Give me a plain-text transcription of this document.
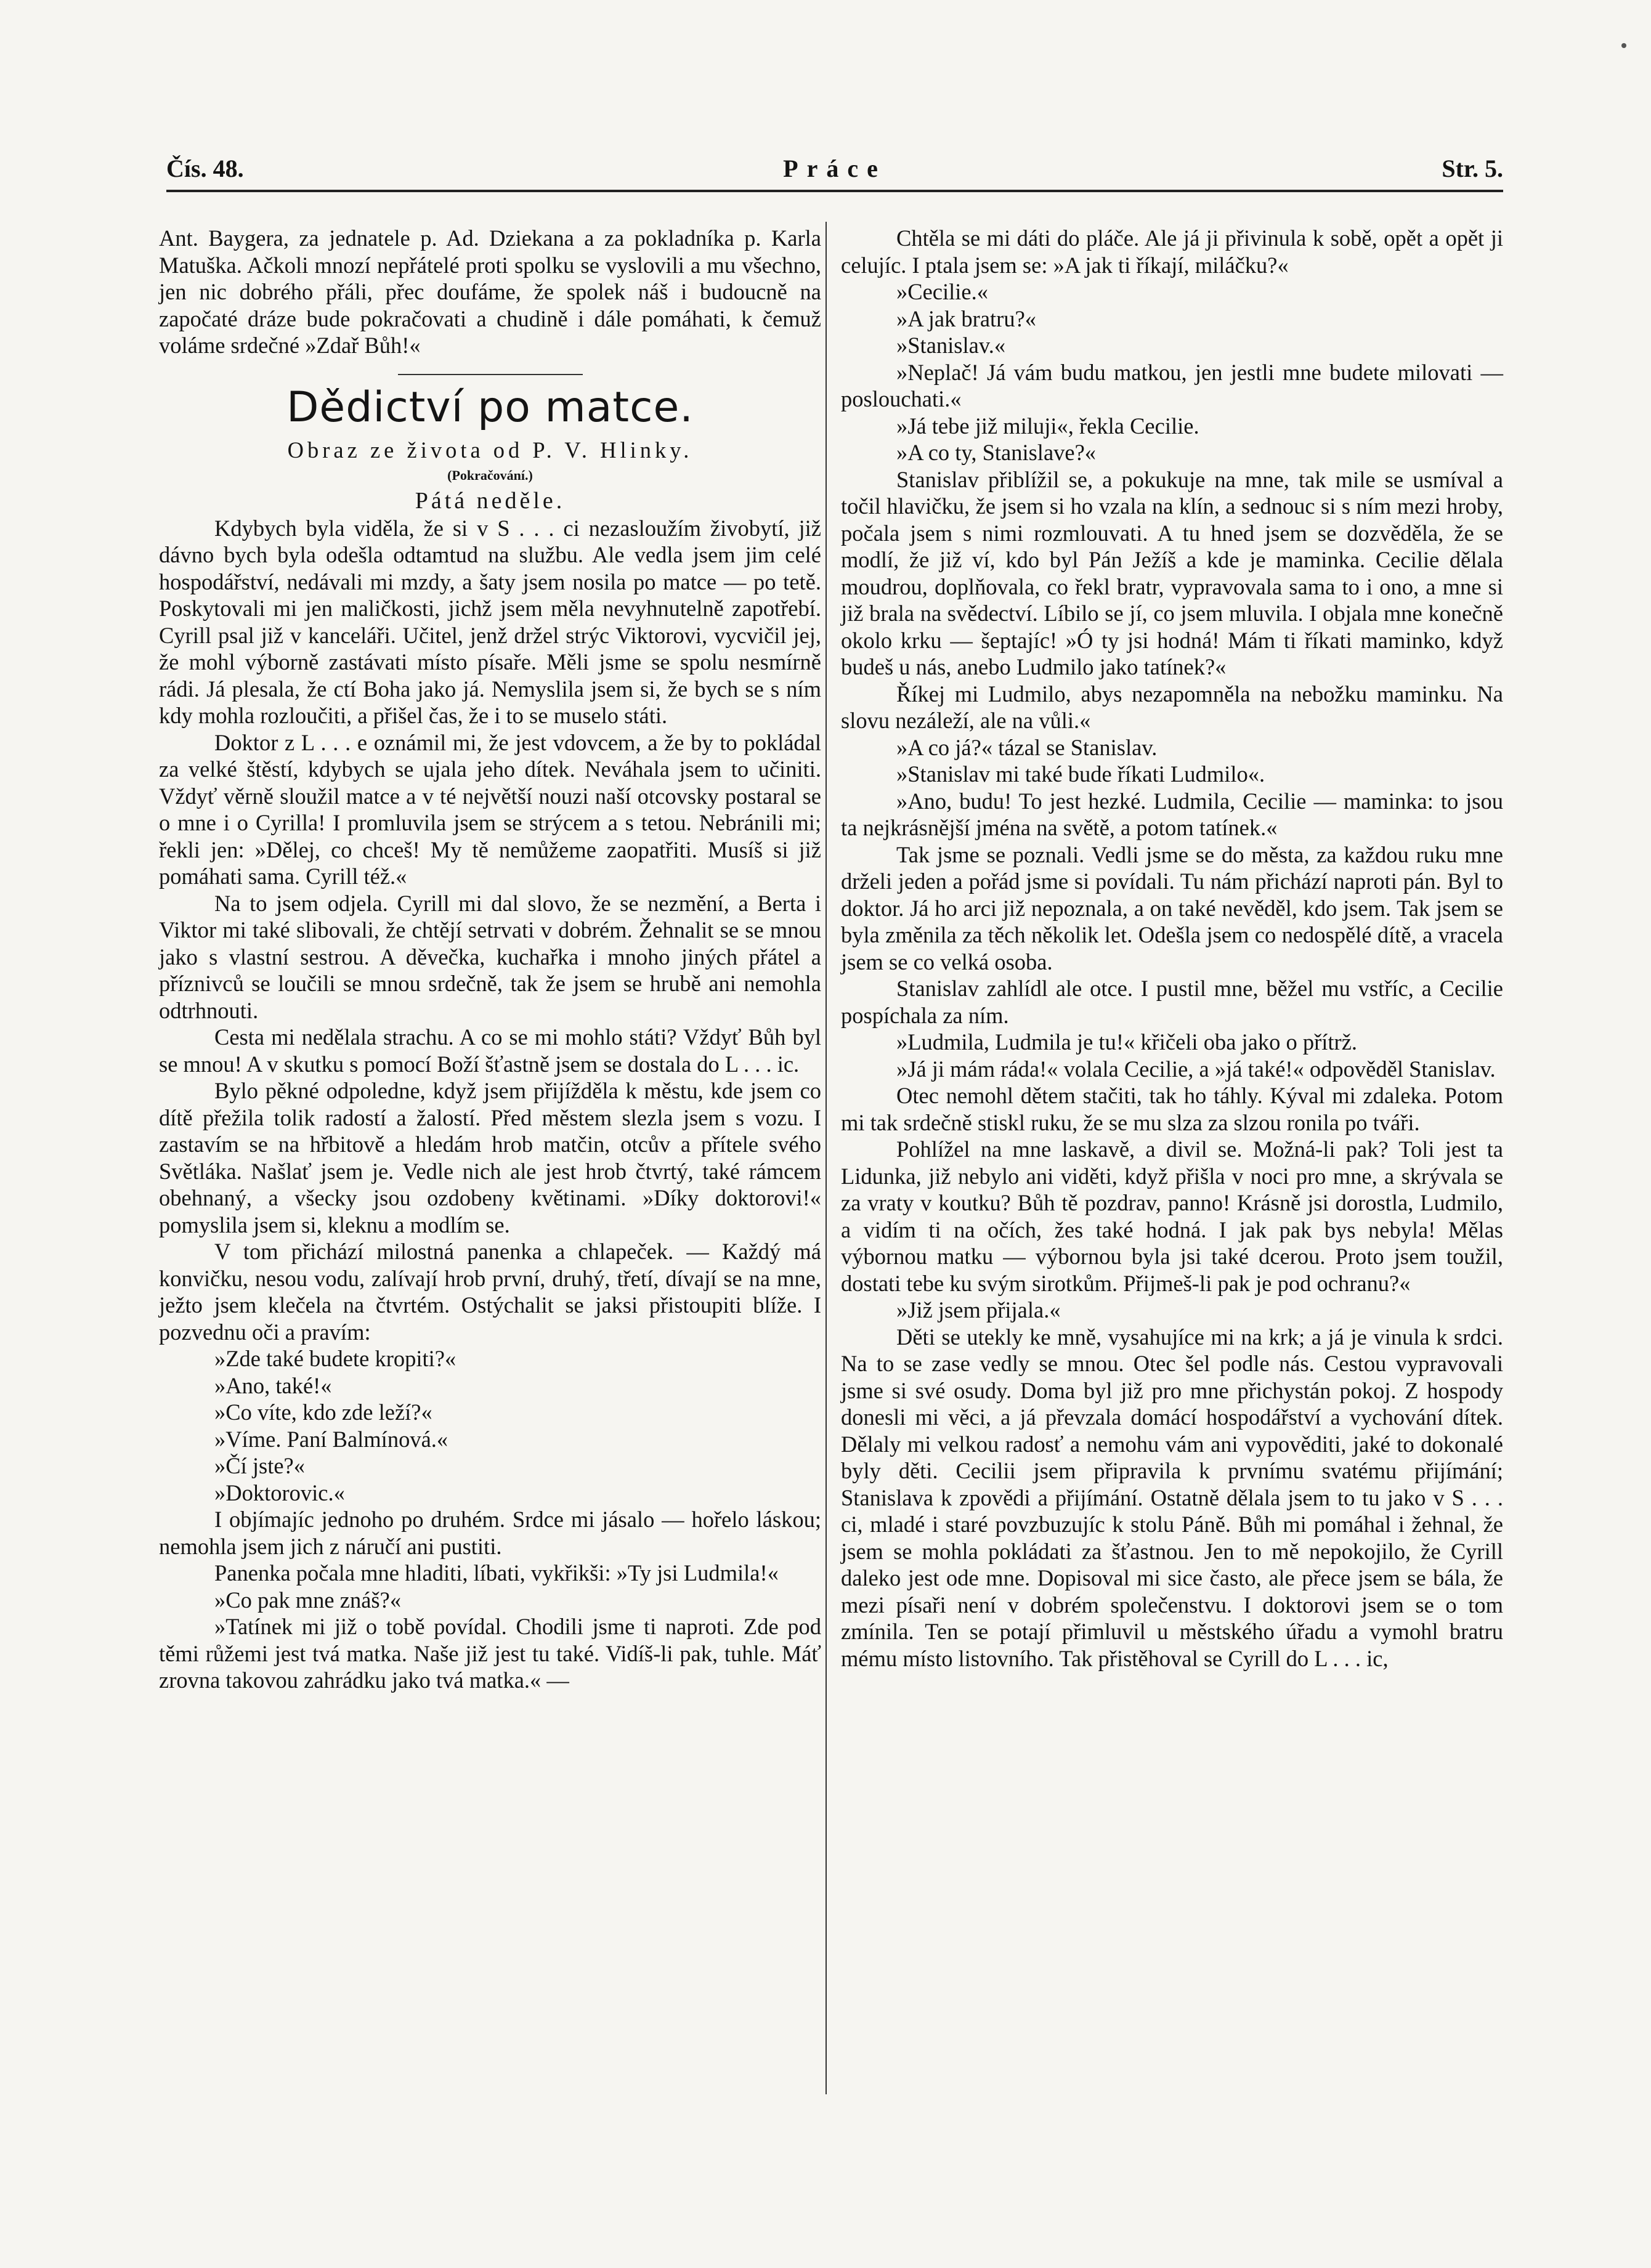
Čís. 48.	Práce	Str. 5.

Ant. Baygera, za jednatele p. Ad. Dziekana a za pokladníka p. Karla Matuška. Ačkoli mnozí nepřátelé proti spolku se vyslovili a mu všechno, jen nic dobrého přáli, přec doufáme, že spolek náš i budoucně na započaté dráze bude pokračovati a chudině i dále pomáhati, k čemuž voláme srdečné »Zdař Bůh!«

Dědictví po matce.

Obraz ze života od P. V. Hlinky.

(Pokračování.)

Pátá neděle.

Kdybych byla viděla, že si v S . . . ci nezasloužím živobytí, již dávno bych byla odešla odtamtud na službu. Ale vedla jsem jim celé hospodářství, nedávali mi mzdy, a šaty jsem nosila po matce — po tetě. Poskytovali mi jen maličkosti, jichž jsem měla nevyhnutelně zapotřebí. Cyrill psal již v kanceláři. Učitel, jenž držel strýc Viktorovi, vycvičil jej, že mohl výborně zastávati místo písaře. Měli jsme se spolu nesmírně rádi. Já plesala, že ctí Boha jako já. Nemyslila jsem si, že bych se s ním kdy mohla rozloučiti, a přišel čas, že i to se muselo státi.

Doktor z L . . . e oznámil mi, že jest vdovcem, a že by to pokládal za velké štěstí, kdybych se ujala jeho dítek. Neváhala jsem to učiniti. Vždyť věrně sloužil matce a v té největší nouzi naší otcovsky postaral se o mne i o Cyrilla! I promluvila jsem se strýcem a s tetou. Nebránili mi; řekli jen: »Dělej, co chceš! My tě nemůžeme zaopatřiti. Musíš si již pomáhati sama. Cyrill též.«

Na to jsem odjela. Cyrill mi dal slovo, že se nezmění, a Berta i Viktor mi také slibovali, že chtějí setrvati v dobrém. Žehnalit se se mnou jako s vlastní sestrou. A děvečka, kuchařka i mnoho jiných přátel a příznivců se loučili se mnou srdečně, tak že jsem se hrubě ani nemohla odtrhnouti.

Cesta mi nedělala strachu. A co se mi mohlo státi? Vždyť Bůh byl se mnou! A v skutku s pomocí Boží šťastně jsem se dostala do L . . . ic.

Bylo pěkné odpoledne, když jsem přijížděla k městu, kde jsem co dítě přežila tolik radostí a žalostí. Před městem slezla jsem s vozu. I zastavím se na hřbitově a hledám hrob matčin, otcův a přítele svého Světláka. Našlať jsem je. Vedle nich ale jest hrob čtvrtý, také rámcem obehnaný, a všecky jsou ozdobeny květinami. »Díky doktorovi!« pomyslila jsem si, kleknu a modlím se.

V tom přichází milostná panenka a chlapeček. — Každý má konvičku, nesou vodu, zalívají hrob první, druhý, třetí, dívají se na mne, ježto jsem klečela na čtvrtém. Ostýchalit se jaksi přistoupiti blíže. I pozvednu oči a pravím:

»Zde také budete kropiti?«

»Ano, také!«

»Co víte, kdo zde leží?«

»Víme. Paní Balmínová.«

»Čí jste?«

»Doktorovic.«

I objímajíc jednoho po druhém. Srdce mi jásalo — hořelo láskou; nemohla jsem jich z náručí ani pustiti.

Panenka počala mne hladiti, líbati, vykřikši: »Ty jsi Ludmila!«

»Co pak mne znáš?«

»Tatínek mi již o tobě povídal. Chodili jsme ti naproti. Zde pod těmi růžemi jest tvá matka. Naše již jest tu také. Vidíš-li pak, tuhle. Máť zrovna takovou zahrádku jako tvá matka.« —

Chtěla se mi dáti do pláče. Ale já ji přivinula k sobě, opět a opět ji celujíc. I ptala jsem se: »A jak ti říkají, miláčku?«

»Cecilie.«

»A jak bratru?«

»Stanislav.«

»Neplač! Já vám budu matkou, jen jestli mne budete milovati — poslouchati.«

»Já tebe již miluji«, řekla Cecilie.

»A co ty, Stanislave?«

Stanislav přiblížil se, a pokukuje na mne, tak mile se usmíval a točil hlavičku, že jsem si ho vzala na klín, a sednouc si s ním mezi hroby, počala jsem s nimi rozmlouvati. A tu hned jsem se dozvěděla, že se modlí, že již ví, kdo byl Pán Ježíš a kde je maminka. Cecilie dělala moudrou, doplňovala, co řekl bratr, vypravovala sama to i ono, a mne si již brala na svědectví. Líbilo se jí, co jsem mluvila. I objala mne konečně okolo krku — šeptajíc! »Ó ty jsi hodná! Mám ti říkati maminko, když budeš u nás, anebo Ludmilo jako tatínek?«

Říkej mi Ludmilo, abys nezapomněla na nebožku maminku. Na slovu nezáleží, ale na vůli.«

»A co já?« tázal se Stanislav.

»Stanislav mi také bude říkati Ludmilo«.

»Ano, budu! To jest hezké. Ludmila, Cecilie — maminka: to jsou ta nejkrásnější jména na světě, a potom tatínek.«

Tak jsme se poznali. Vedli jsme se do města, za každou ruku mne drželi jeden a pořád jsme si povídali. Tu nám přichází naproti pán. Byl to doktor. Já ho arci již nepoznala, a on také nevěděl, kdo jsem. Tak jsem se byla změnila za těch několik let. Odešla jsem co nedospělé dítě, a vracela jsem se co velká osoba.

Stanislav zahlídl ale otce. I pustil mne, běžel mu vstříc, a Cecilie pospíchala za ním.

»Ludmila, Ludmila je tu!« křičeli oba jako o přítrž.

»Já ji mám ráda!« volala Cecilie, a »já také!« odpověděl Stanislav.

Otec nemohl dětem stačiti, tak ho táhly. Kýval mi zdaleka. Potom mi tak srdečně stiskl ruku, že se mu slza za slzou ronila po tváři.

Pohlížel na mne laskavě, a divil se. Možná-li pak? Toli jest ta Lidunka, již nebylo ani viděti, když přišla v noci pro mne, a skrývala se za vraty v koutku? Bůh tě pozdrav, panno! Krásně jsi dorostla, Ludmilo, a vidím ti na očích, žes také hodná. I jak pak bys nebyla! Mělas výbornou matku — výbornou byla jsi také dcerou. Proto jsem toužil, dostati tebe ku svým sirotkům. Přijmeš-li pak je pod ochranu?«

»Již jsem přijala.«

Děti se utekly ke mně, vysahujíce mi na krk; a já je vinula k srdci. Na to se zase vedly se mnou. Otec šel podle nás. Cestou vypravovali jsme si své osudy. Doma byl již pro mne přichystán pokoj. Z hospody donesli mi věci, a já převzala domácí hospodářství a vychování dítek. Dělaly mi velkou radosť a nemohu vám ani vypověditi, jaké to dokonalé byly děti. Cecilii jsem připravila k prvnímu svatému přijímání; Stanislava k zpovědi a přijímání. Ostatně dělala jsem to tu jako v S . . . ci, mladé i staré povzbuzujíc k stolu Páně. Bůh mi pomáhal i žehnal, že jsem se mohla pokládati za šťastnou. Jen to mě nepokojilo, že Cyrill daleko jest ode mne. Dopisoval mi sice často, ale přece jsem se bála, že mezi písaři není v dobrém společenstvu. I doktorovi jsem se o tom zmínila. Ten se potají přimluvil u městského úřadu a vymohl bratru mému místo listovního. Tak přistěhoval se Cyrill do L . . . ic,
